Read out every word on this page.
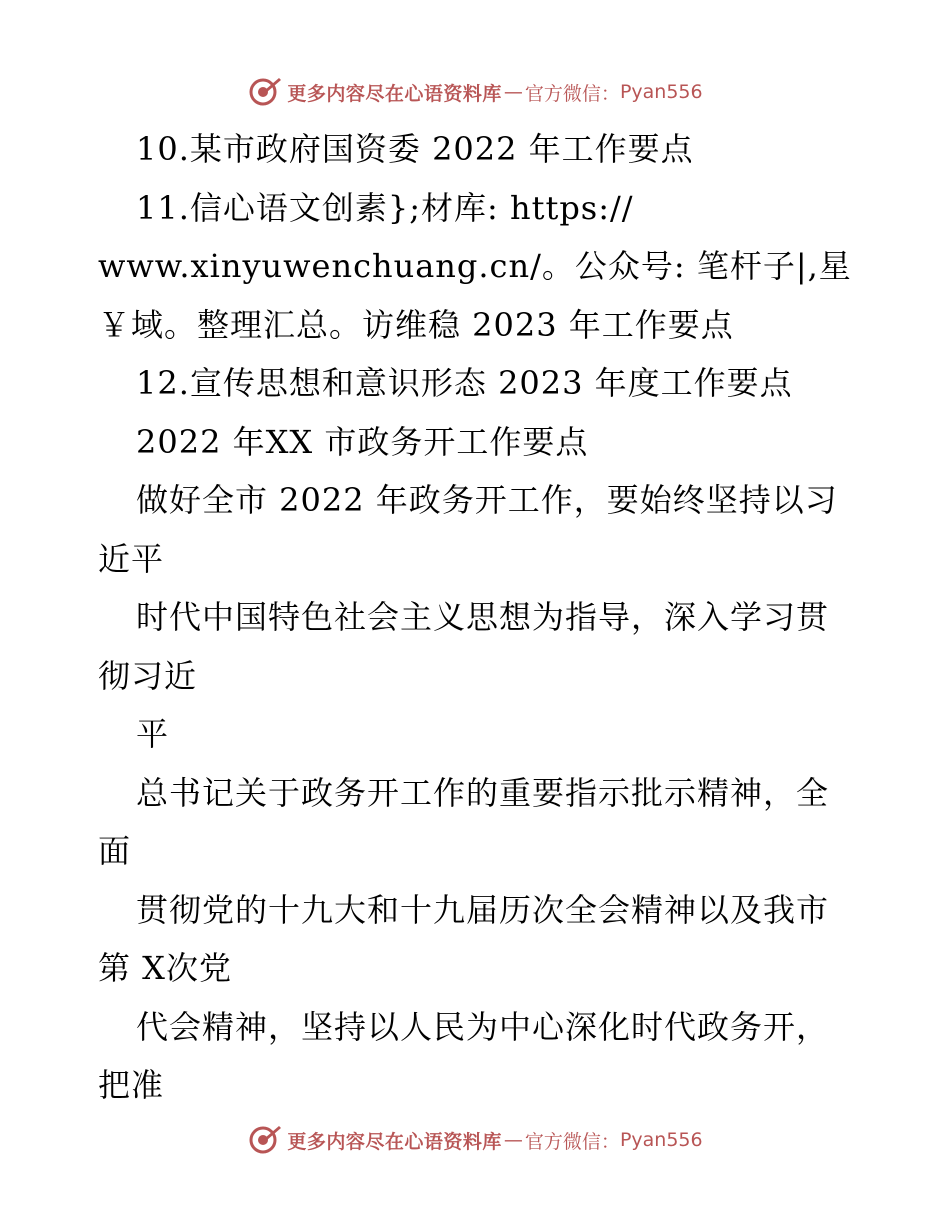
更多内容尽在心语资料库 — 官方微信： Pyan556
10.某市政府国资委 2022 年工作要点
11.信心语文创素};材库: https://
www.xinyuwenchuang.cn/。公众号: 笔杆子|,星
￥域。整理汇总。访维稳 2023 年工作要点
12.宣传思想和意识形态 2023 年度工作要点
2022 年XX 市政务开工作要点
做好全市 2022 年政务开工作，要始终坚持以习
近平
时代中国特色社会主义思想为指导，深入学习贯
彻习近
平
总书记关于政务开工作的重要指示批示精神，全
面
贯彻党的十九大和十九届历次全会精神以及我市
第 X次党
代会精神，坚持以人民为中心深化时代政务开，
把准
更多内容尽在心语资料库 — 官方微信： Pyan556
